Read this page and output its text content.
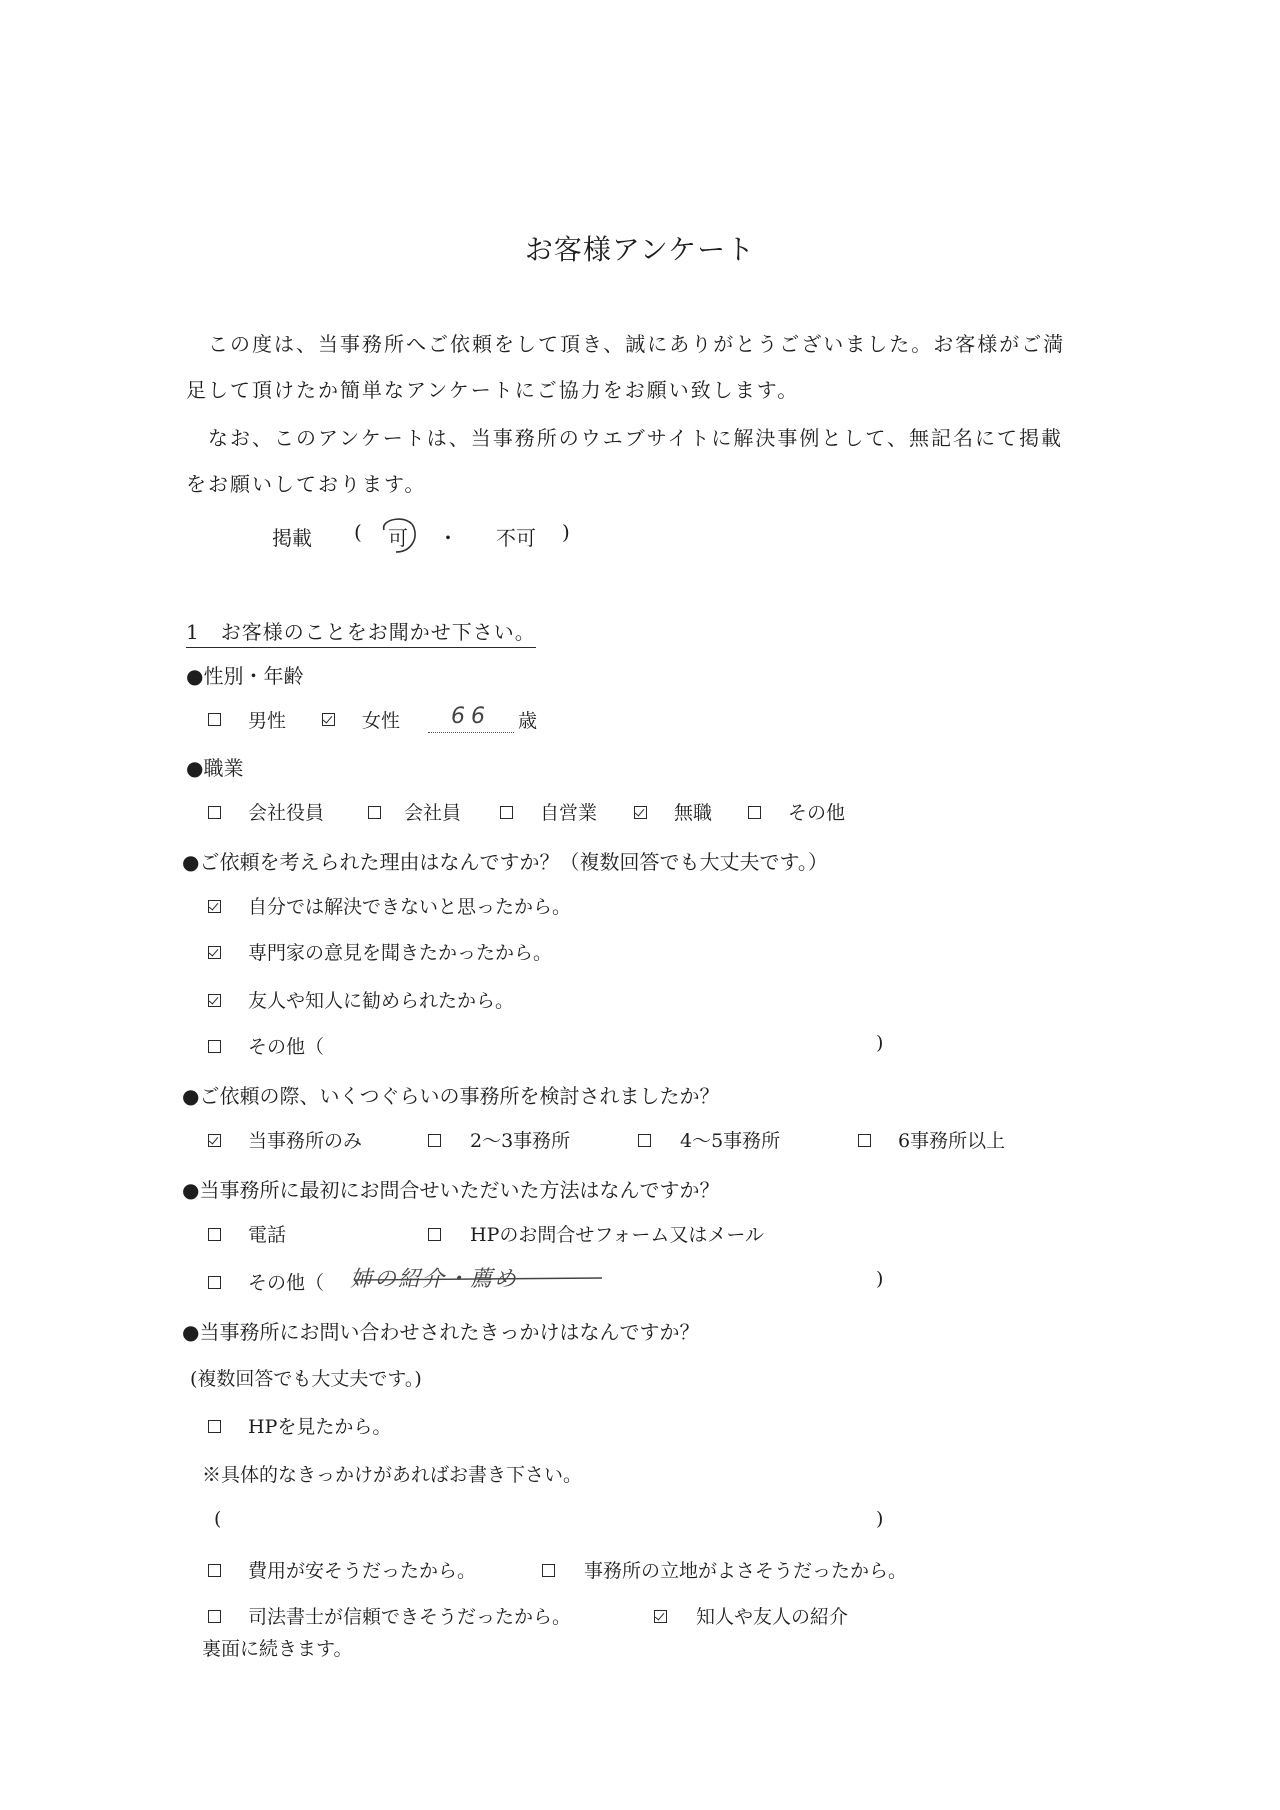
お客様アンケート
この度は、当事務所へご依頼をして頂き、誠にありがとうございました。お客様がご満
足して頂けたか簡単なアンケートにご協力をお願い致します。
なお、このアンケートは、当事務所のウエブサイトに解決事例として、無記名にて掲載
をお願いしております。
掲載 ( 可 ・ 不可 )
1　お客様のことをお聞かせ下さい。
●性別・年齢
男性	女性	66	歳
●職業
会社役員	会社員	自営業	無職	その他
●ご依頼を考えられた理由はなんですか？（複数回答でも大丈夫です。）
自分では解決できないと思ったから。
専門家の意見を聞きたかったから。
友人や知人に勧められたから。
その他（	)
●ご依頼の際、いくつぐらいの事務所を検討されましたか？
当事務所のみ	2〜3事務所	4〜5事務所	6事務所以上
●当事務所に最初にお問合せいただいた方法はなんですか？
電話	HPのお問合せフォーム又はメール
その他（ 姉の紹介・薦め	)
●当事務所にお問い合わせされたきっかけはなんですか？
(複数回答でも大丈夫です。)
HPを見たから。
※具体的なきっかけがあればお書き下さい。
(	)
費用が安そうだったから。	事務所の立地がよさそうだったから。
司法書士が信頼できそうだったから。	知人や友人の紹介
裏面に続きます。
